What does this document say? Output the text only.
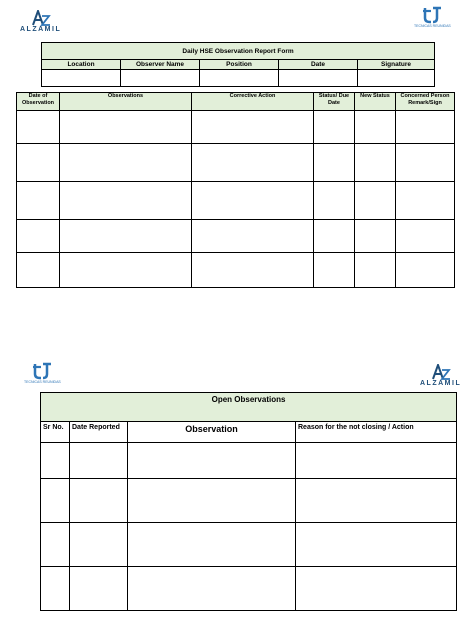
ALZAMIL	TECNICAS REUNIDAS
Daily HSE Observation Report Form				
Location	Observer Name	Position	Date	Signature

Date of Observation	Observations	Corrective Action	Status/ Due Date	New Status	Concerned Person Remark/Sign

TECNICAS REUNIDAS	ALZAMIL
Open Observations			
Sr No.	Date Reported	Observation	Reason for the not closing / Action
